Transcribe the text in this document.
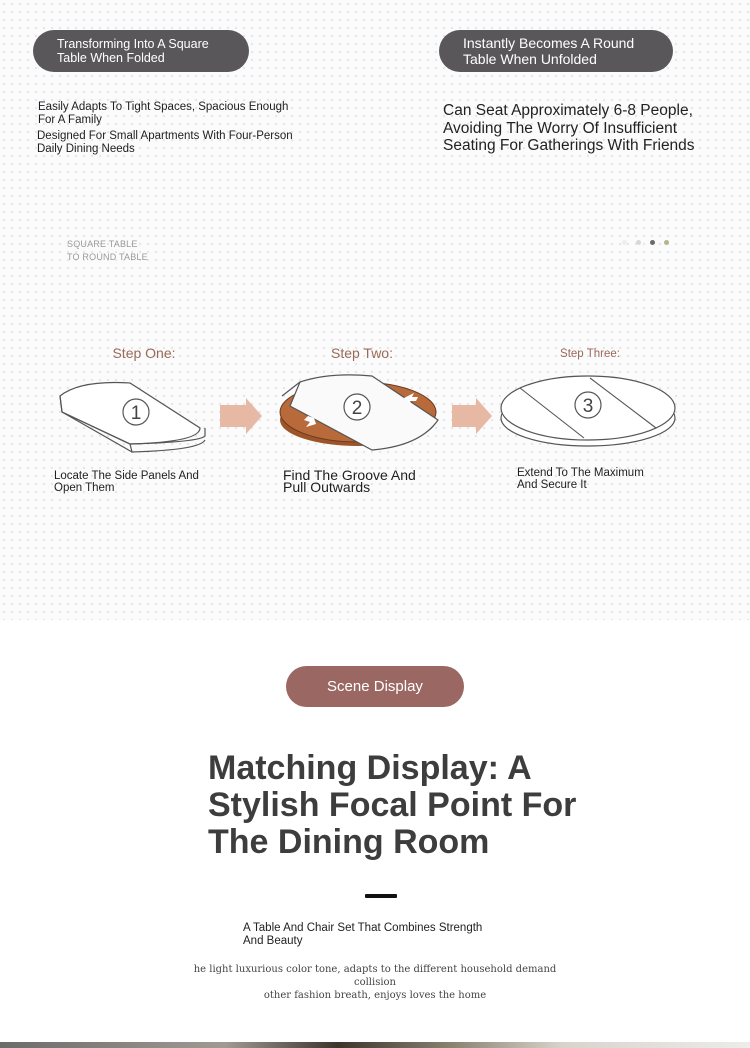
Transforming Into A Square
Table When Folded
Instantly Becomes A Round
Table When Unfolded
Easily Adapts To Tight Spaces, Spacious Enough
For A Family
Designed For Small Apartments With Four-Person
Daily Dining Needs
Can Seat Approximately 6-8 People, Avoiding The Worry Of Insufficient Seating For Gatherings With Friends
SQUARE TABLE
TO ROUND TABLE
Step One:	Step Two:	Step Three:
1	2	3
Locate The Side Panels And
Open Them
Find The Groove And
Pull Outwards
Extend To The Maximum
And Secure It
Scene Display
Matching Display: A Stylish Focal Point For The Dining Room
A Table And Chair Set That Combines Strength
And Beauty
he light luxurious color tone, adapts to the different household demand collision
other fashion breath, enjoys loves the home
